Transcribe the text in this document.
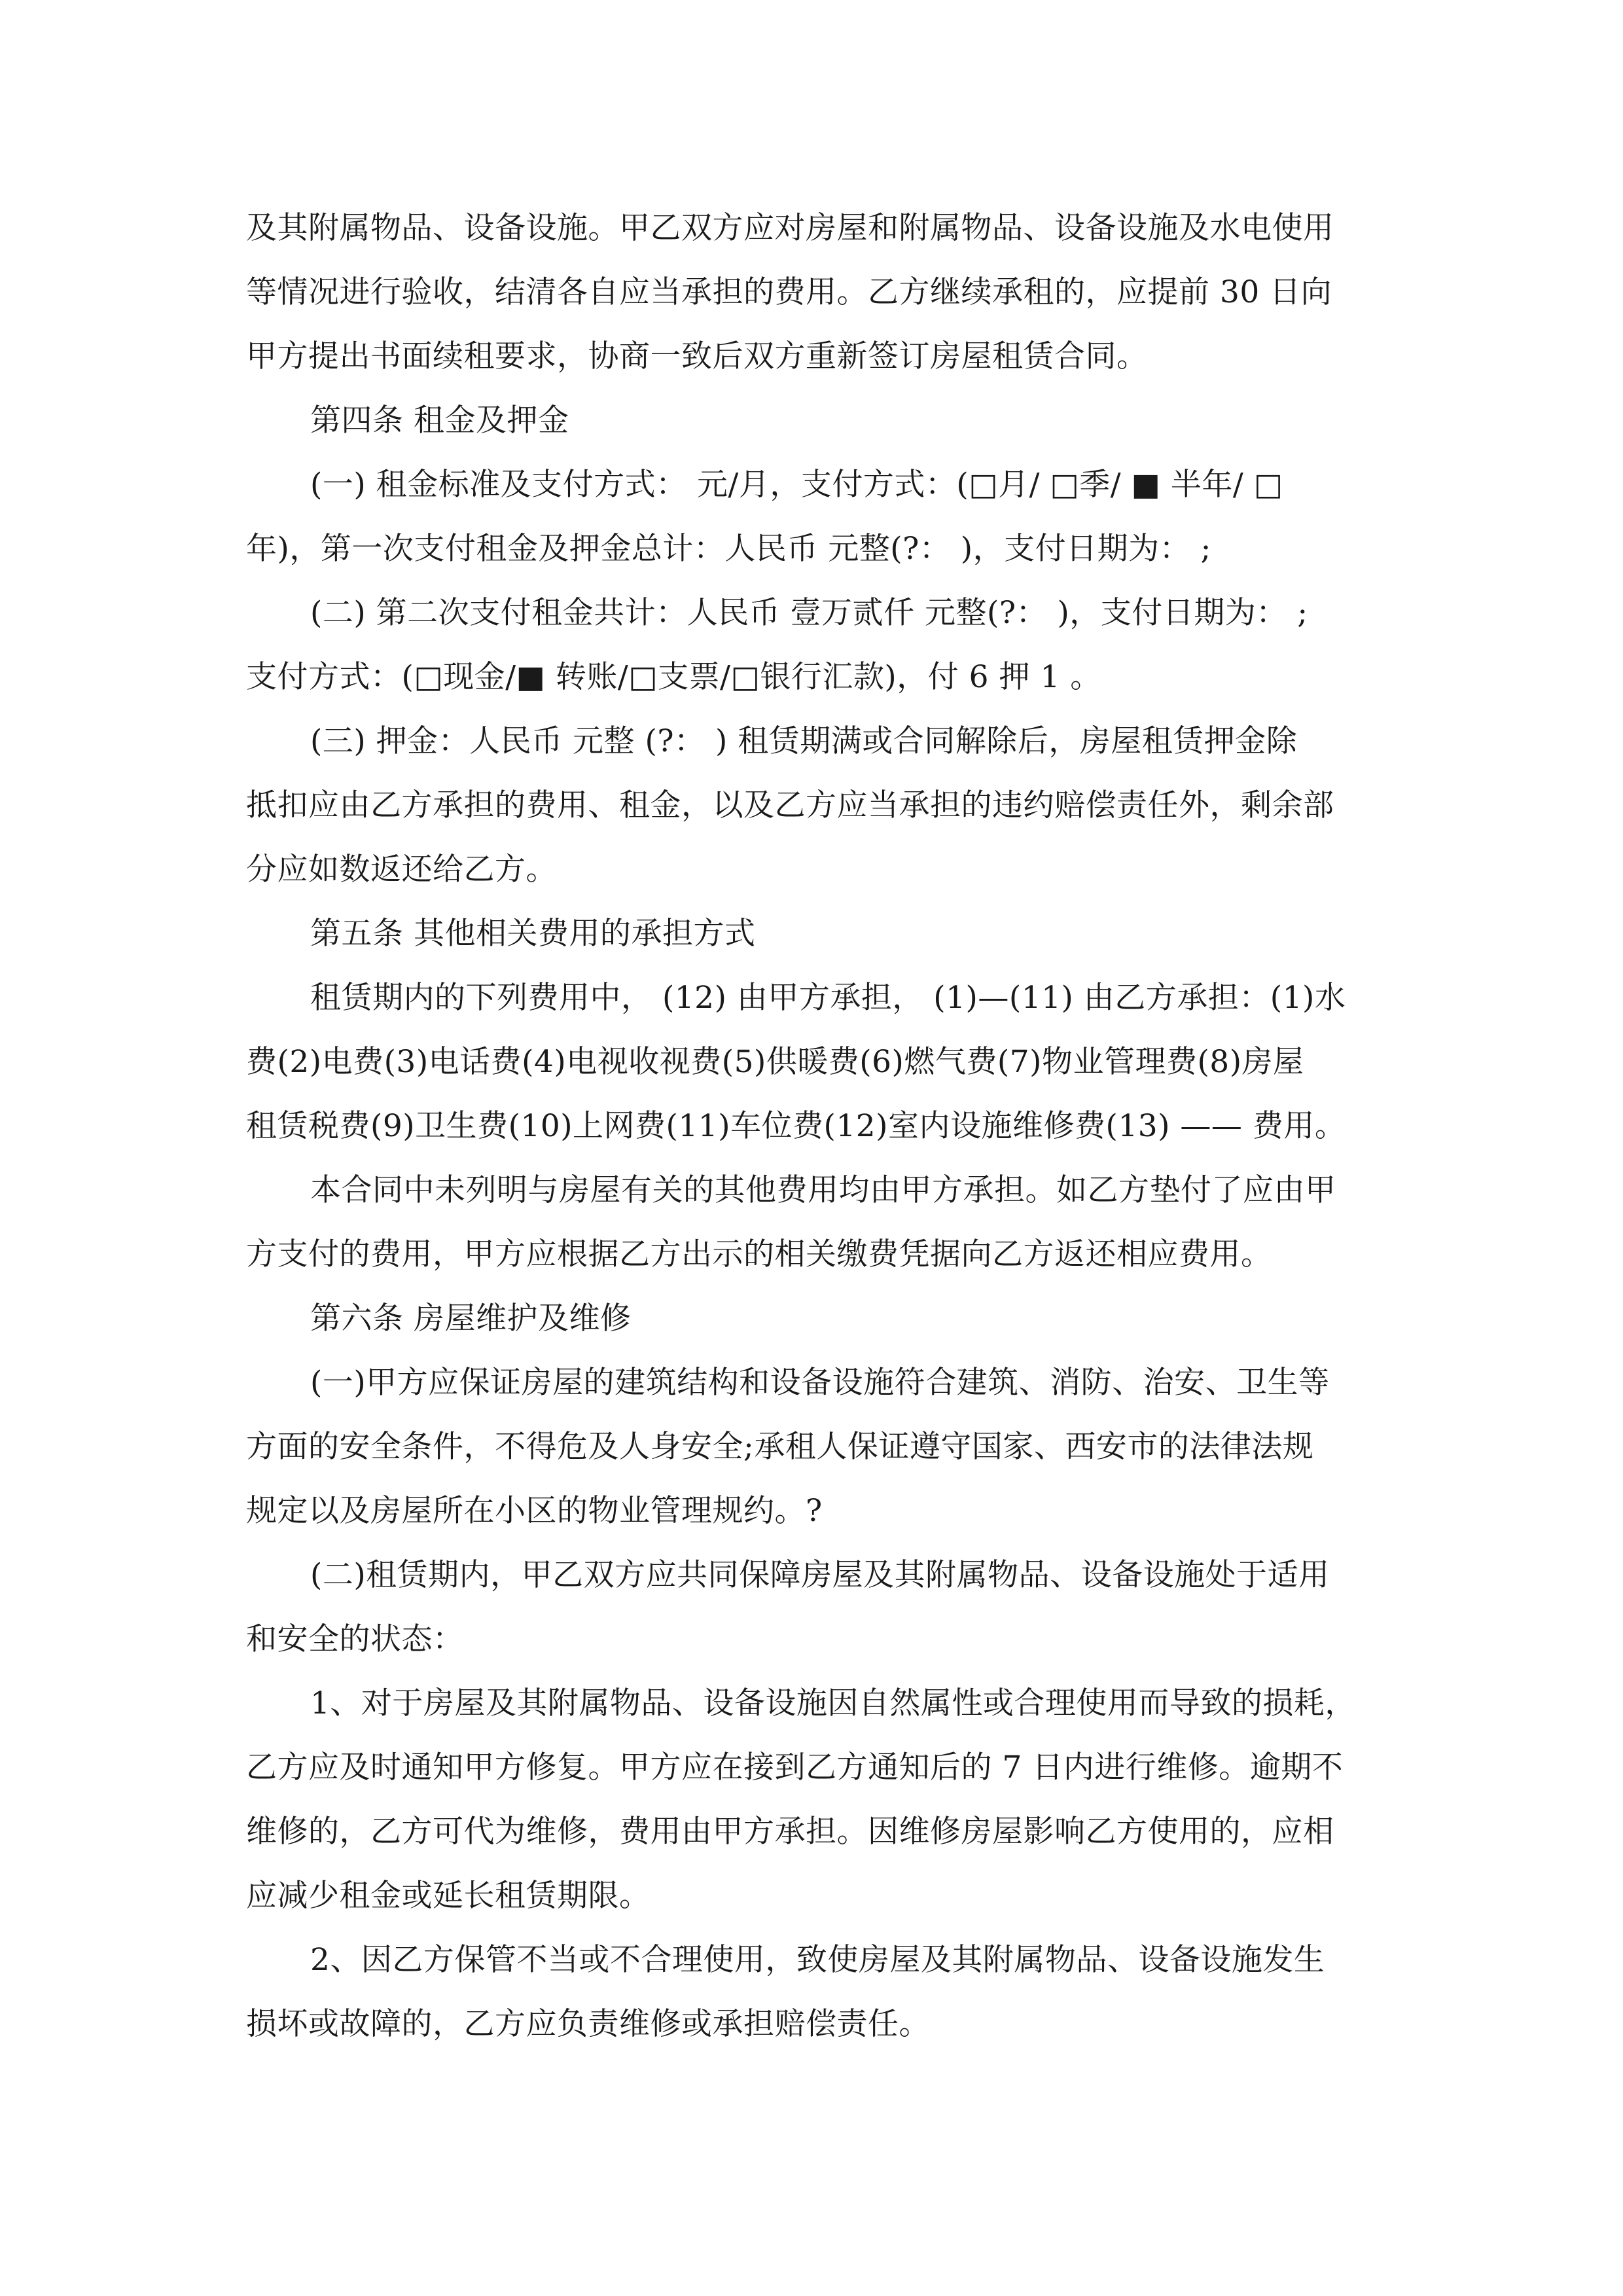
及其附属物品、设备设施。甲乙双方应对房屋和附属物品、设备设施及水电使用
等情况进行验收，结清各自应当承担的费用。乙方继续承租的，应提前 30 日向
甲方提出书面续租要求，协商一致后双方重新签订房屋租赁合同。
第四条 租金及押金
(一) 租金标准及支付方式： 元/月，支付方式：(□月/ □季/ ■ 半年/ □
年)，第一次支付租金及押金总计：人民币 元整(?： )，支付日期为： ;
(二) 第二次支付租金共计：人民币 壹万贰仟 元整(?： )，支付日期为： ;
支付方式：(□现金/■ 转账/□支票/□银行汇款)，付 6 押 1 。
(三) 押金：人民币 元整 (?： ) 租赁期满或合同解除后，房屋租赁押金除
抵扣应由乙方承担的费用、租金，以及乙方应当承担的违约赔偿责任外，剩余部
分应如数返还给乙方。
第五条 其他相关费用的承担方式
租赁期内的下列费用中， (12) 由甲方承担， (1)—(11) 由乙方承担：(1)水
费(2)电费(3)电话费(4)电视收视费(5)供暖费(6)燃气费(7)物业管理费(8)房屋
租赁税费(9)卫生费(10)上网费(11)车位费(12)室内设施维修费(13) —— 费用。
本合同中未列明与房屋有关的其他费用均由甲方承担。如乙方垫付了应由甲
方支付的费用，甲方应根据乙方出示的相关缴费凭据向乙方返还相应费用。
第六条 房屋维护及维修
(一)甲方应保证房屋的建筑结构和设备设施符合建筑、消防、治安、卫生等
方面的安全条件，不得危及人身安全;承租人保证遵守国家、西安市的法律法规
规定以及房屋所在小区的物业管理规约。?
(二)租赁期内，甲乙双方应共同保障房屋及其附属物品、设备设施处于适用
和安全的状态：
1、对于房屋及其附属物品、设备设施因自然属性或合理使用而导致的损耗，
乙方应及时通知甲方修复。甲方应在接到乙方通知后的 7 日内进行维修。逾期不
维修的，乙方可代为维修，费用由甲方承担。因维修房屋影响乙方使用的，应相
应减少租金或延长租赁期限。
2、因乙方保管不当或不合理使用，致使房屋及其附属物品、设备设施发生
损坏或故障的，乙方应负责维修或承担赔偿责任。
